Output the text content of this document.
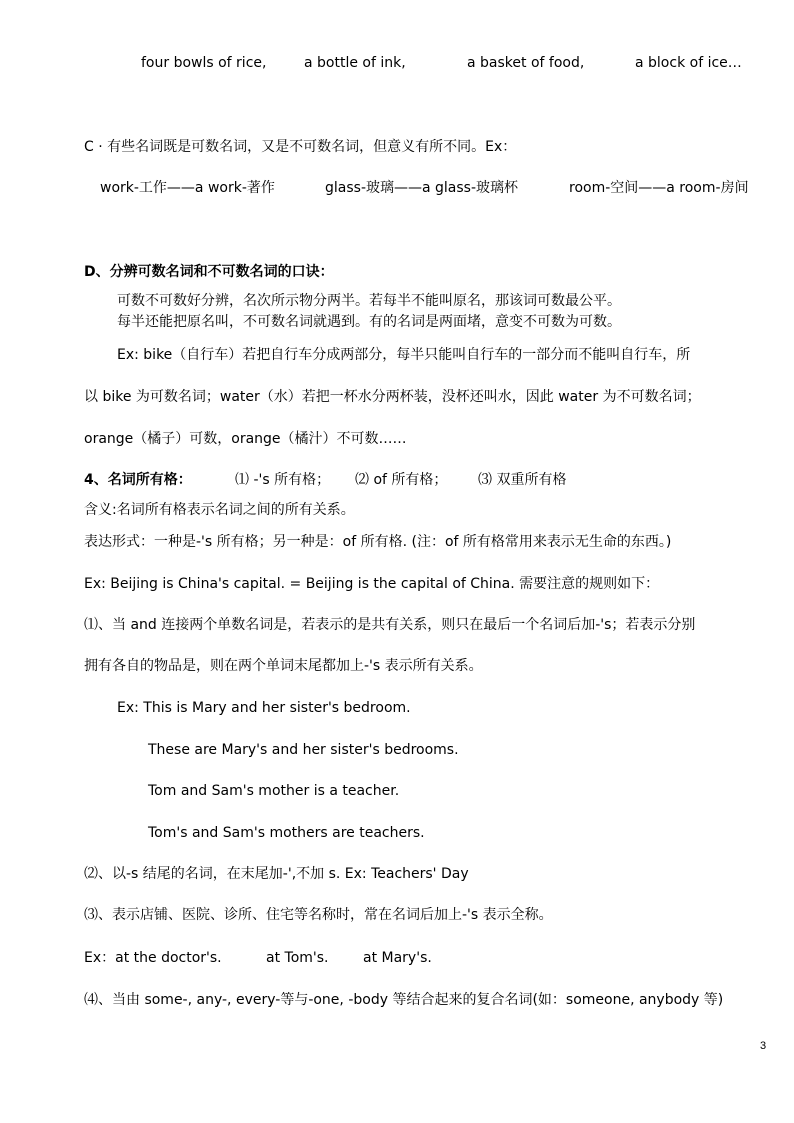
four bowls of rice,	a bottle of ink,	a basket of food,	a block of ice…
C · 有些名词既是可数名词，又是不可数名词，但意义有所不同。Ex：
work-工作——a work-著作	glass-玻璃——a glass-玻璃杯	room-空间——a room-房间
D、分辨可数名词和不可数名词的口诀：
可数不可数好分辨，名次所示物分两半。若每半不能叫原名，那该词可数最公平。
每半还能把原名叫，不可数名词就遇到。有的名词是两面堵，意变不可数为可数。
Ex: bike（自行车）若把自行车分成两部分，每半只能叫自行车的一部分而不能叫自行车，所
以 bike 为可数名词；water（水）若把一杯水分两杯装，没杯还叫水，因此 water 为不可数名词；
orange（橘子）可数，orange（橘汁）不可数……
4、名词所有格：	⑴ -'s 所有格； ⑵ of 所有格； ⑶ 双重所有格
含义:名词所有格表示名词之间的所有关系。
表达形式：一种是-'s 所有格；另一种是：of 所有格. (注：of 所有格常用来表示无生命的东西。)
Ex: Beijing is China's capital. = Beijing is the capital of China. 需要注意的规则如下：
⑴、当 and 连接两个单数名词是，若表示的是共有关系，则只在最后一个名词后加-'s；若表示分别
拥有各自的物品是，则在两个单词末尾都加上-'s 表示所有关系。
Ex: This is Mary and her sister's bedroom.
These are Mary's and her sister's bedrooms.
Tom and Sam's mother is a teacher.
Tom's and Sam's mothers are teachers.
⑵、以-s 结尾的名词，在末尾加-',不加 s. Ex: Teachers' Day
⑶、表示店铺、医院、诊所、住宅等名称时，常在名词后加上-'s 表示全称。
Ex：at the doctor's.	at Tom's. at Mary's.
⑷、当由 some-, any-, every-等与-one, -body 等结合起来的复合名词(如：someone, anybody 等)
3
